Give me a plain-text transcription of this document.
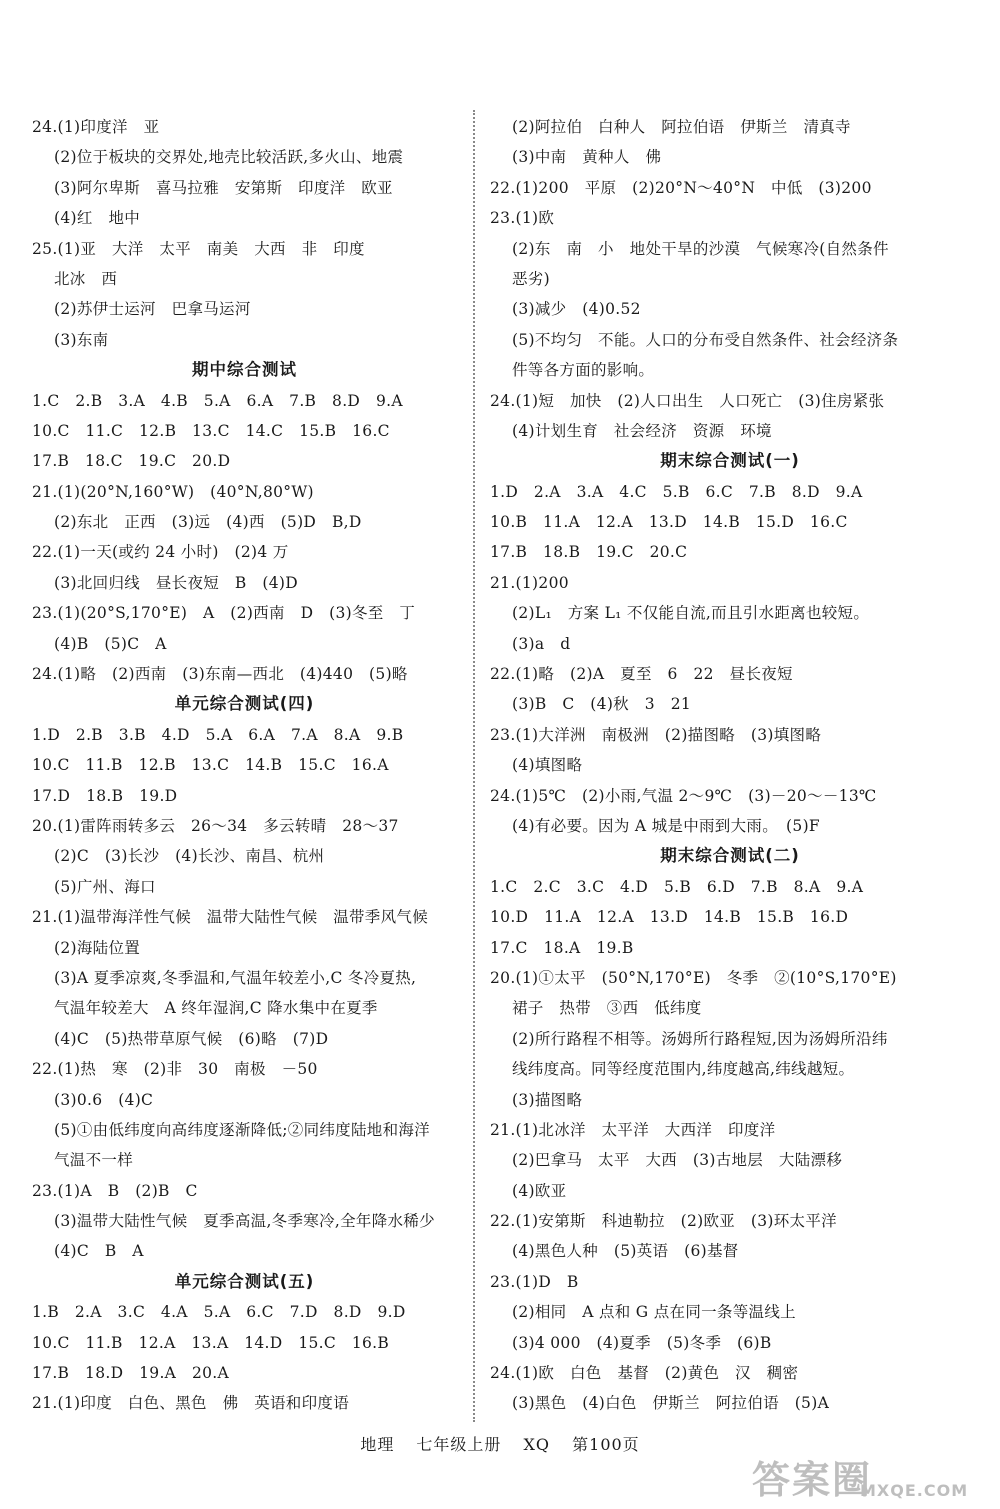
24.(1)印度洋　亚
(2)位于板块的交界处,地壳比较活跃,多火山、地震
(3)阿尔卑斯　喜马拉雅　安第斯　印度洋　欧亚
(4)红　地中
25.(1)亚　大洋　太平　南美　大西　非　印度
北冰　西
(2)苏伊士运河　巴拿马运河
(3)东南
期中综合测试
1.C　2.B　3.A　4.B　5.A　6.A　7.B　8.D　9.A
10.C　11.C　12.B　13.C　14.C　15.B　16.C
17.B　18.C　19.C　20.D
21.(1)(20°N,160°W)　(40°N,80°W)
(2)东北　正西　(3)远　(4)西　(5)D　B,D
22.(1)一天(或约 24 小时)　(2)4 万
(3)北回归线　昼长夜短　B　(4)D
23.(1)(20°S,170°E)　A　(2)西南　D　(3)冬至　丁
(4)B　(5)C　A
24.(1)略　(2)西南　(3)东南—西北　(4)440　(5)略
单元综合测试(四)
1.D　2.B　3.B　4.D　5.A　6.A　7.A　8.A　9.B
10.C　11.B　12.B　13.C　14.B　15.C　16.A
17.D　18.B　19.D
20.(1)雷阵雨转多云　26～34　多云转晴　28～37
(2)C　(3)长沙　(4)长沙、南昌、杭州
(5)广州、海口
21.(1)温带海洋性气候　温带大陆性气候　温带季风气候
(2)海陆位置
(3)A 夏季凉爽,冬季温和,气温年较差小,C 冬冷夏热,
气温年较差大　A 终年湿润,C 降水集中在夏季
(4)C　(5)热带草原气候　(6)略　(7)D
22.(1)热　寒　(2)非　30　南极　－50
(3)0.6　(4)C
(5)①由低纬度向高纬度逐渐降低;②同纬度陆地和海洋
气温不一样
23.(1)A　B　(2)B　C
(3)温带大陆性气候　夏季高温,冬季寒冷,全年降水稀少
(4)C　B　A
单元综合测试(五)
1.B　2.A　3.C　4.A　5.A　6.C　7.D　8.D　9.D
10.C　11.B　12.A　13.A　14.D　15.C　16.B
17.B　18.D　19.A　20.A
21.(1)印度　白色、黑色　佛　英语和印度语
(2)阿拉伯　白种人　阿拉伯语　伊斯兰　清真寺
(3)中南　黄种人　佛
22.(1)200　平原　(2)20°N～40°N　中低　(3)200
23.(1)欧
(2)东　南　小　地处干旱的沙漠　气候寒冷(自然条件
恶劣)
(3)减少　(4)0.52
(5)不均匀　不能。人口的分布受自然条件、社会经济条
件等各方面的影响。
24.(1)短　加快　(2)人口出生　人口死亡　(3)住房紧张
(4)计划生育　社会经济　资源　环境
期末综合测试(一)
1.D　2.A　3.A　4.C　5.B　6.C　7.B　8.D　9.A
10.B　11.A　12.A　13.D　14.B　15.D　16.C
17.B　18.B　19.C　20.C
21.(1)200
(2)L₁　方案 L₁ 不仅能自流,而且引水距离也较短。
(3)a　d
22.(1)略　(2)A　夏至　6　22　昼长夜短
(3)B　C　(4)秋　3　21
23.(1)大洋洲　南极洲　(2)描图略　(3)填图略
(4)填图略
24.(1)5℃　(2)小雨,气温 2～9℃　(3)－20～－13℃
(4)有必要。因为 A 城是中雨到大雨。　(5)F
期末综合测试(二)
1.C　2.C　3.C　4.D　5.B　6.D　7.B　8.A　9.A
10.D　11.A　12.A　13.D　14.B　15.B　16.D
17.C　18.A　19.B
20.(1)①太平　(50°N,170°E)　冬季　②(10°S,170°E)
裙子　热带　③西　低纬度
(2)所行路程不相等。汤姆所行路程短,因为汤姆所沿纬
线纬度高。同等经度范围内,纬度越高,纬线越短。
(3)描图略
21.(1)北冰洋　太平洋　大西洋　印度洋
(2)巴拿马　太平　大西　(3)古地层　大陆漂移
(4)欧亚
22.(1)安第斯　科迪勒拉　(2)欧亚　(3)环太平洋
(4)黑色人种　(5)英语　(6)基督
23.(1)D　B
(2)相同　A 点和 G 点在同一条等温线上
(3)4 000　(4)夏季　(5)冬季　(6)B
24.(1)欧　白色　基督　(2)黄色　汉　稠密
(3)黑色　(4)白色　伊斯兰　阿拉伯语　(5)A
地理 七年级上册 XQ 第100页
答案圈
MXQE.COM
